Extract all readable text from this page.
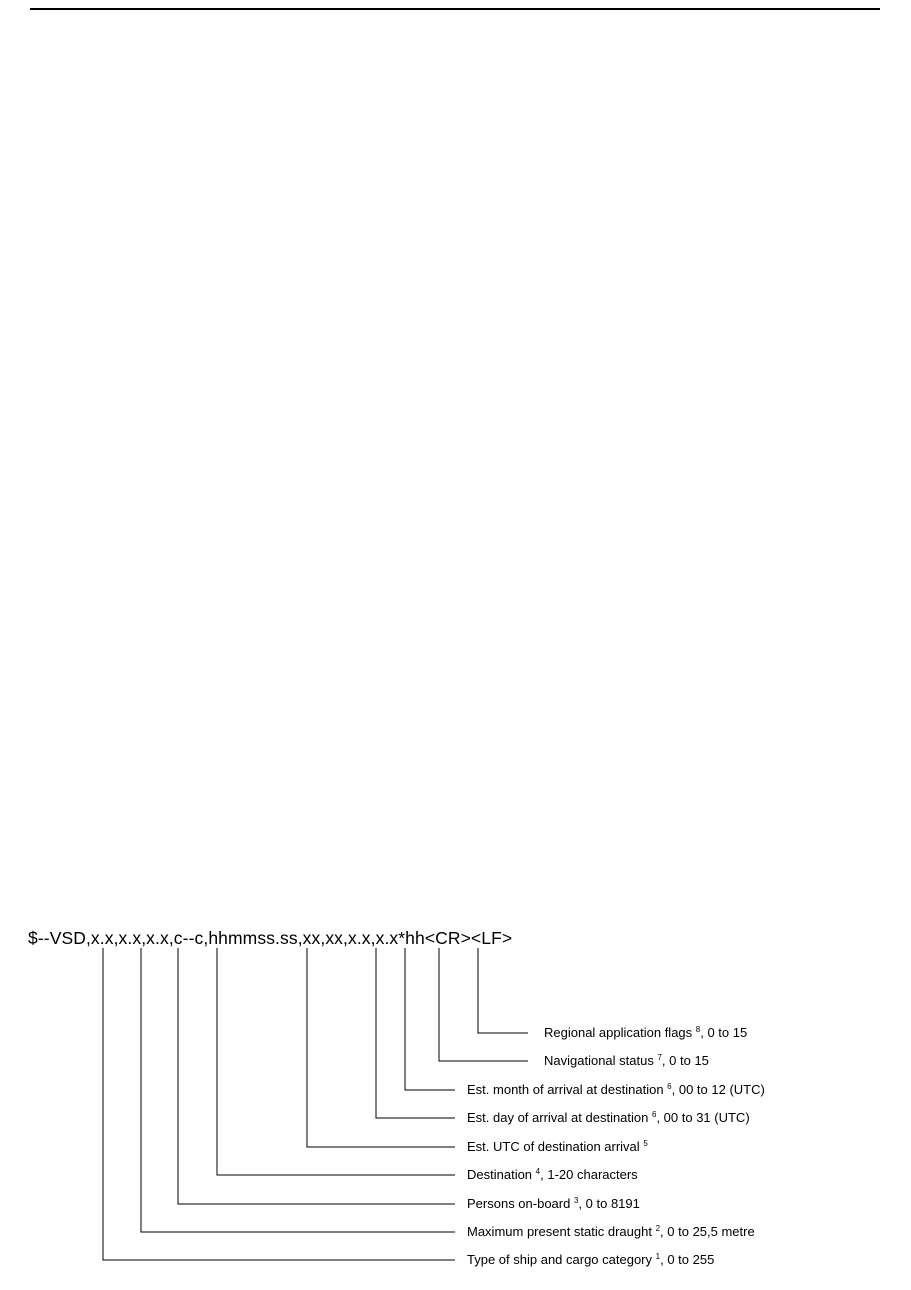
$--VSD,x.x,x.x,x.x,c--c,hhmmss.ss,xx,xx,x.x,x.x*hh<CR><LF>
Regional application flags $^8$, 0 to 15
Navigational status $^7$, 0 to 15
Est. month of arrival at destination $^6$, 00 to 12 (UTC)
Est. day of arrival at destination $^6$, 00 to 31 (UTC)
Est. UTC of destination arrival $^5$
Destination $^4$, 1-20 characters
Persons on-board $^3$, 0 to 8191
Maximum present static draught $^2$, 0 to 25,5 metre
Type of ship and cargo category $^1$, 0 to 255
